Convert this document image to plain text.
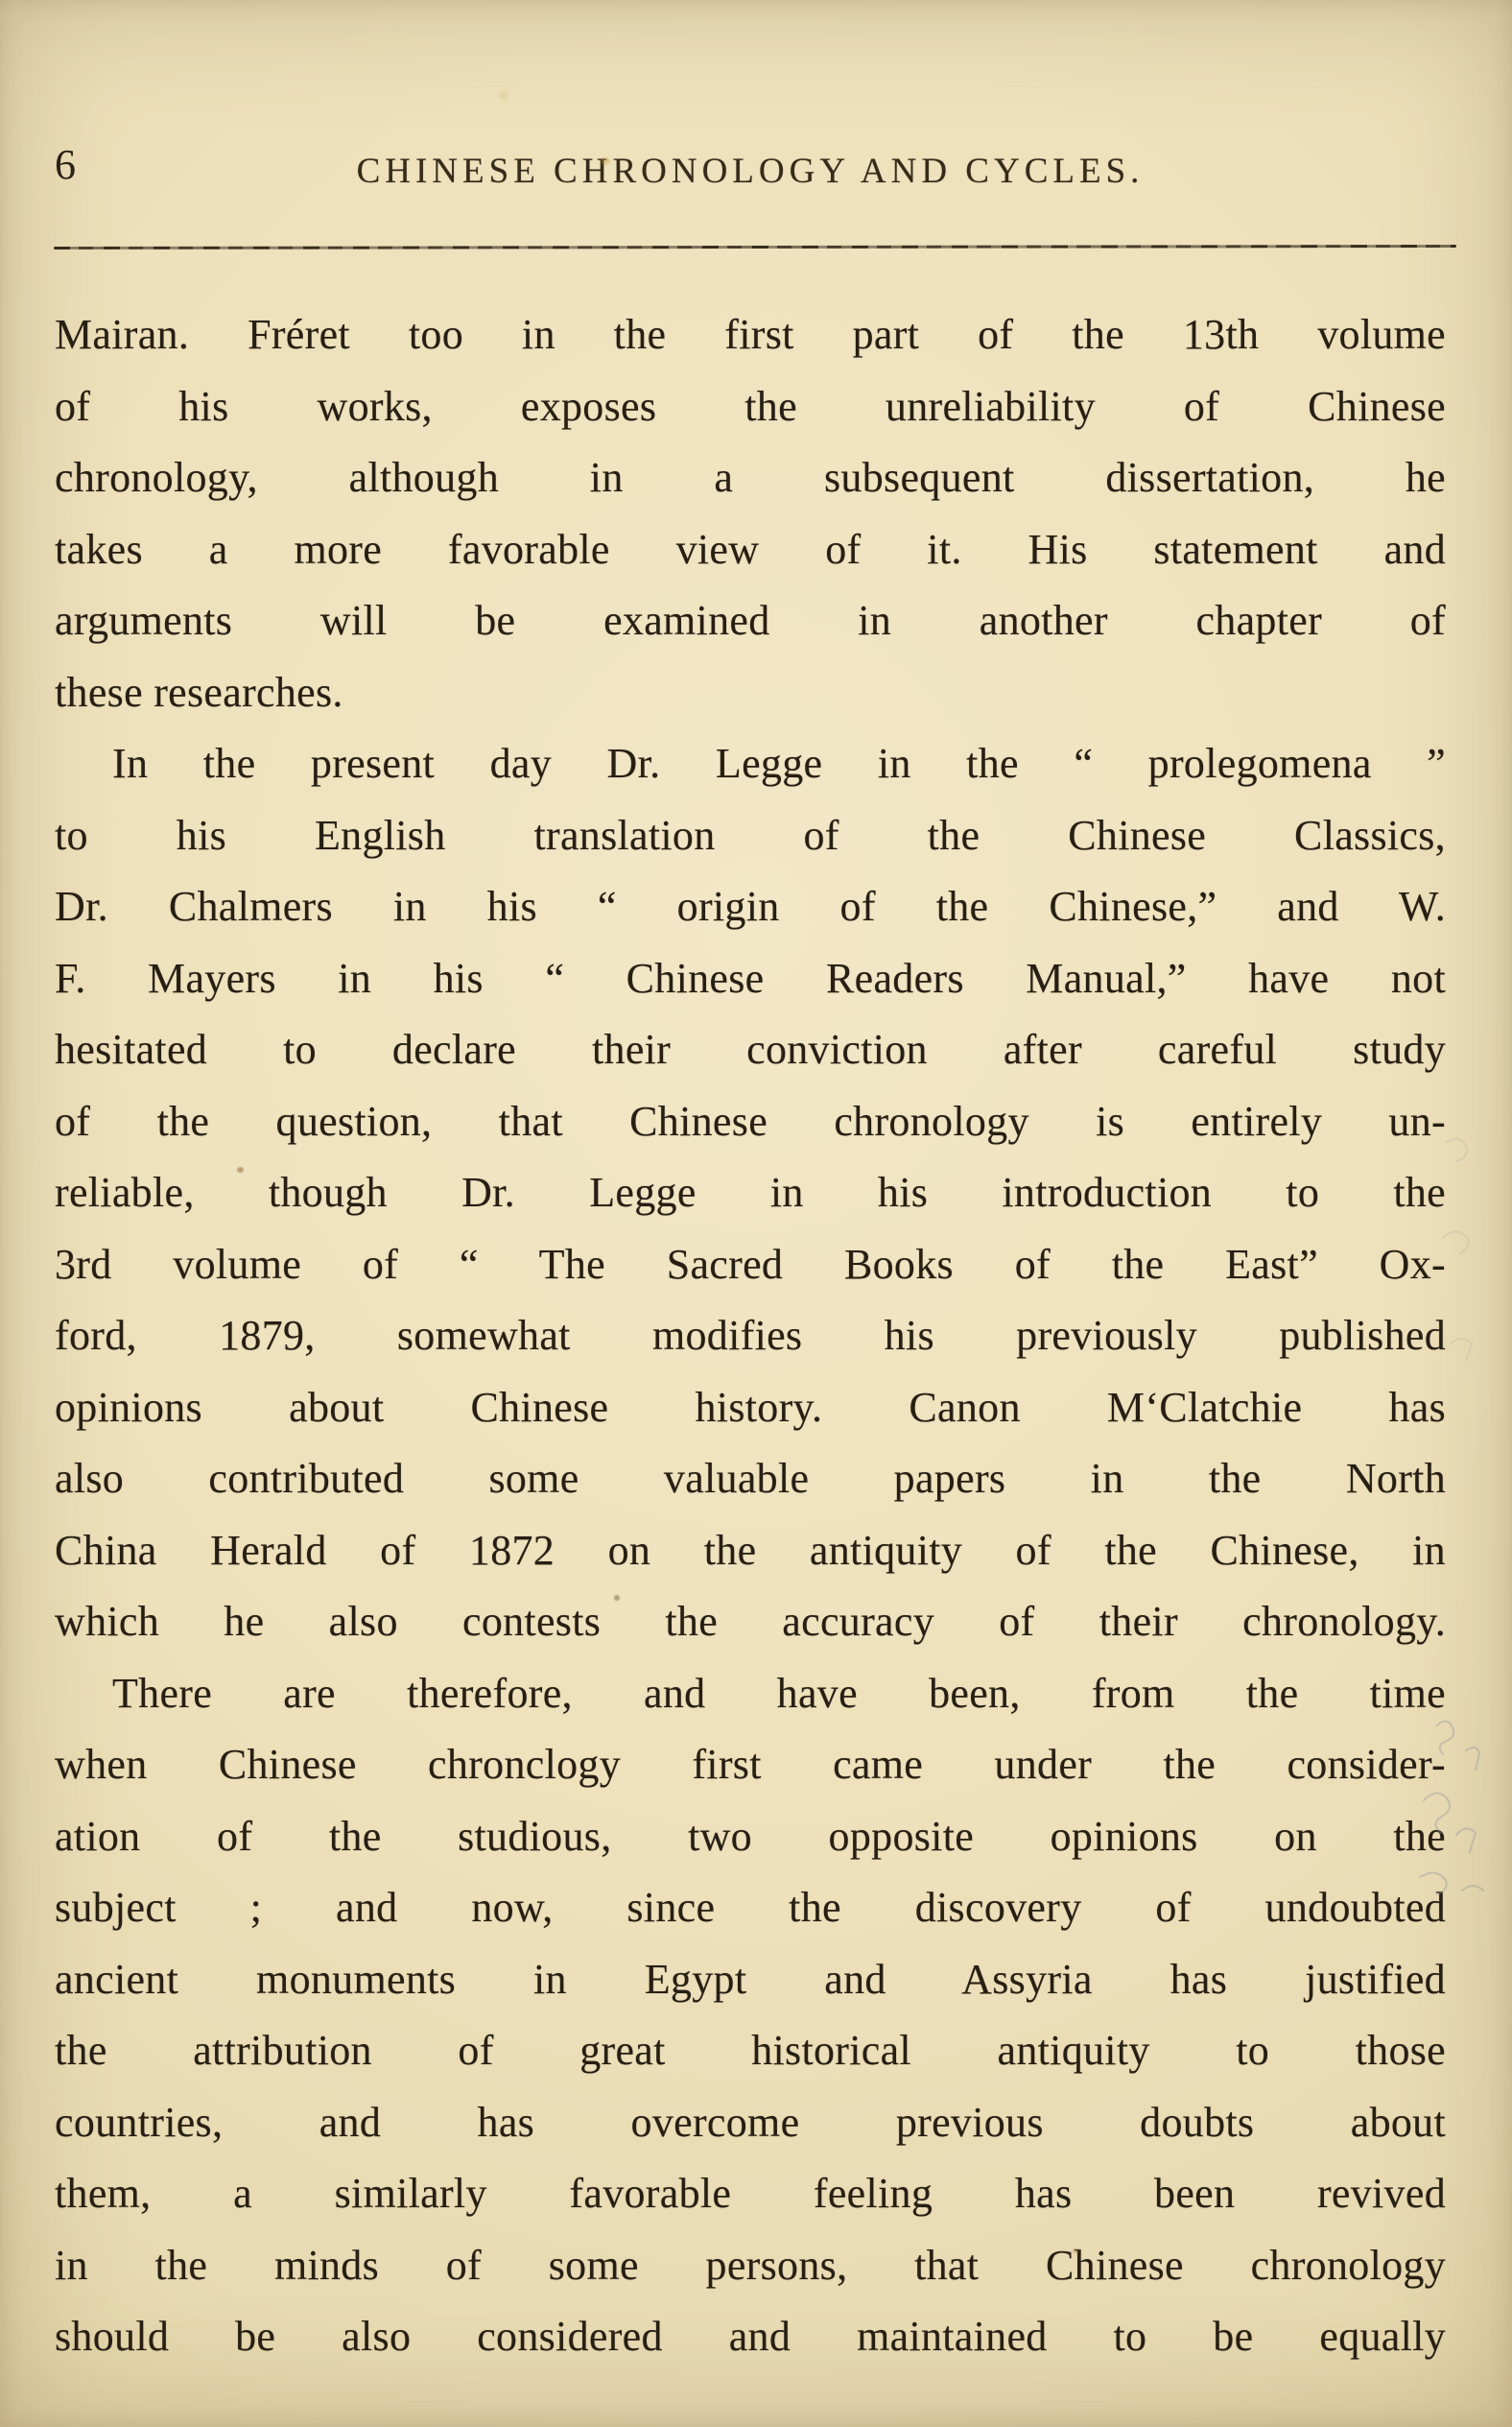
6	CHINESE CHRONOLOGY AND CYCLES.
Mairan. Fréret too in the first part of the 13th volume
of his works, exposes the unreliability of Chinese
chronology, although in a subsequent dissertation, he
takes a more favorable view of it. His statement and
arguments will be examined in another chapter of
these researches.
In the present day Dr. Legge in the “ prolegomena ”
to his English translation of the Chinese Classics,
Dr. Chalmers in his “ origin of the Chinese,” and W.
F. Mayers in his “ Chinese Readers Manual,” have not
hesitated to declare their conviction after careful study
of the question, that Chinese chronology is entirely un-
reliable, though Dr. Legge in his introduction to the
3rd volume of “ The Sacred Books of the East” Ox-
ford, 1879, somewhat modifies his previously published
opinions about Chinese history. Canon M‘Clatchie has
also contributed some valuable papers in the North
China Herald of 1872 on the antiquity of the Chinese, in
which he also contests the accuracy of their chronology.
There are therefore, and have been, from the time
when Chinese chronclogy first came under the consider-
ation of the studious, two opposite opinions on the
subject ; and now, since the discovery of undoubted
ancient monuments in Egypt and Assyria has justified
the attribution of great historical antiquity to those
countries, and has overcome previous doubts about
them, a similarly favorable feeling has been revived
in the minds of some persons, that Chinese chronology
should be also considered and maintained to be equally
